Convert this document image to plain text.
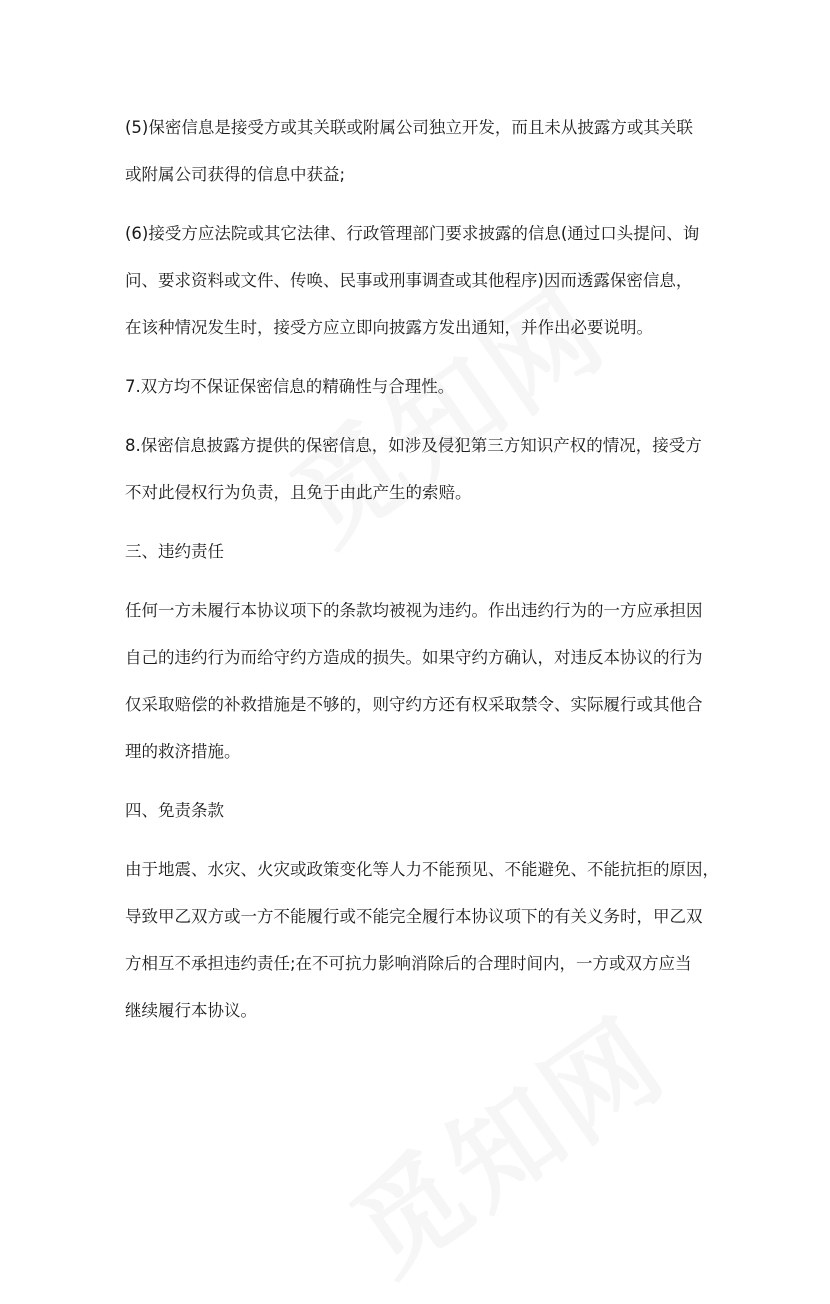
(5)保密信息是接受方或其关联或附属公司独立开发，而且未从披露方或其关联
或附属公司获得的信息中获益;

(6)接受方应法院或其它法律、行政管理部门要求披露的信息(通过口头提问、询
问、要求资料或文件、传唤、民事或刑事调查或其他程序)因而透露保密信息，
在该种情况发生时，接受方应立即向披露方发出通知，并作出必要说明。

7.双方均不保证保密信息的精确性与合理性。

8.保密信息披露方提供的保密信息，如涉及侵犯第三方知识产权的情况，接受方
不对此侵权行为负责，且免于由此产生的索赔。

三、违约责任

任何一方未履行本协议项下的条款均被视为违约。作出违约行为的一方应承担因
自己的违约行为而给守约方造成的损失。如果守约方确认，对违反本协议的行为
仅采取赔偿的补救措施是不够的，则守约方还有权采取禁令、实际履行或其他合
理的救济措施。

四、免责条款

由于地震、水灾、火灾或政策变化等人力不能预见、不能避免、不能抗拒的原因，
导致甲乙双方或一方不能履行或不能完全履行本协议项下的有关义务时，甲乙双
方相互不承担违约责任;在不可抗力影响消除后的合理时间内，一方或双方应当
继续履行本协议。
